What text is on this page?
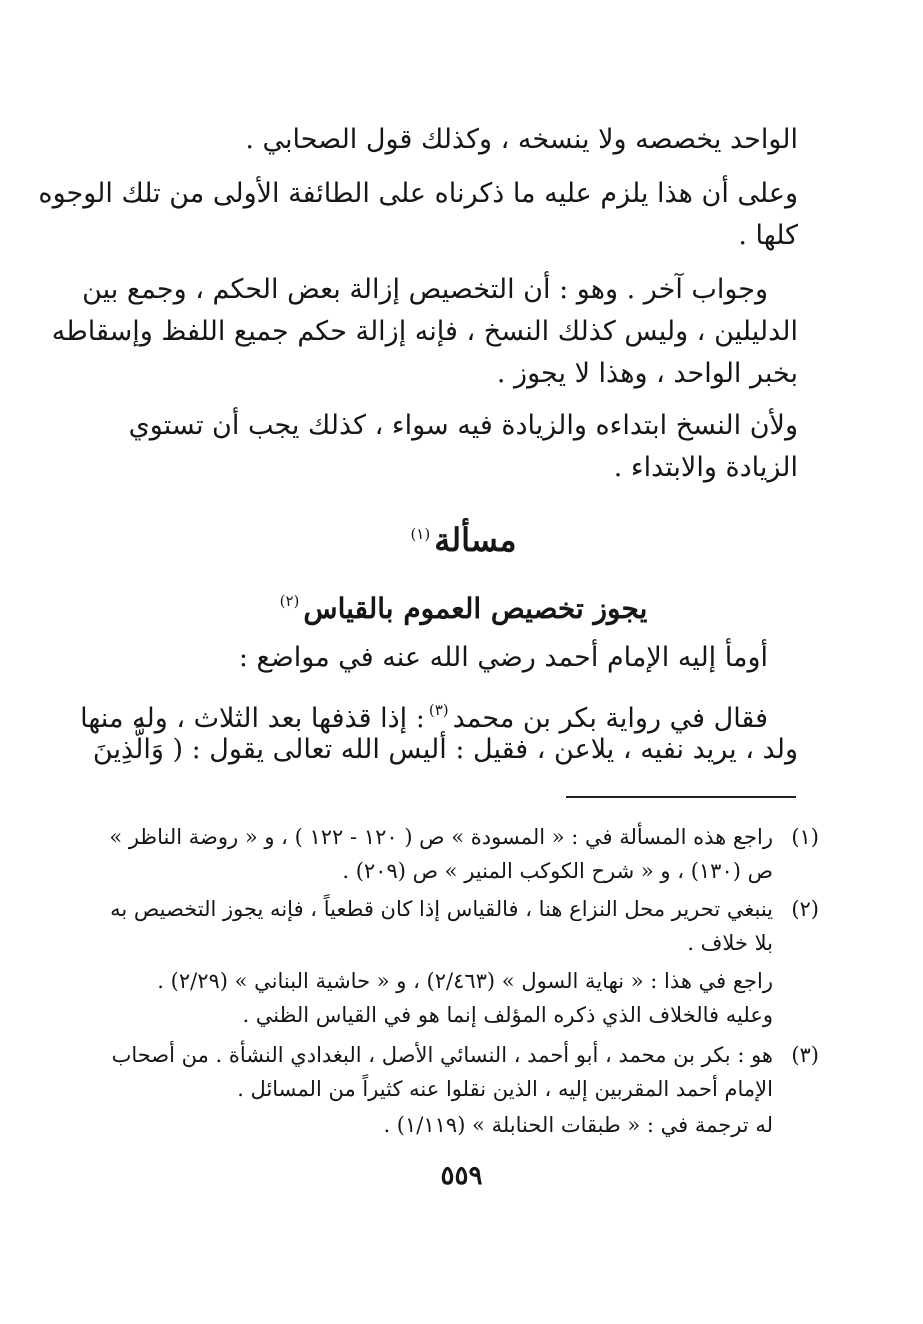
الواحد يخصصه ولا ينسخه ، وكذلك قول الصحابي .
وعلى أن هذا يلزم عليه ما ذكرناه على الطائفة الأولى من تلك الوجوه
كلها .
وجواب آخر . وهو : أن التخصيص إزالة بعض الحكم ، وجمع بين
الدليلين ، وليس كذلك النسخ ، فإنه إزالة حكم جميع اللفظ وإسقاطه
بخبر الواحد ، وهذا لا يجوز .
ولأن النسخ ابتداءه والزيادة فيه سواء ، كذلك يجب أن تستوي
الزيادة والابتداء .
مسألة$^{(١)}$
يجوز تخصيص العموم بالقياس$^{(٢)}$
أومأ إليه الإمام أحمد رضي الله عنه في مواضع :
فقال في رواية بكر بن محمد$^{(٣)}$: إذا قذفها بعد الثلاث ، وله منها
ولد ، يريد نفيه ، يلاعن ، فقيل : أليس الله تعالى يقول : ( وَالَّذِينَ
(١)
راجع هذه المسألة في : « المسودة » ص ( ١٢٠ - ١٢٢ ) ، و « روضة الناظر »
ص (١٣٠) ، و « شرح الكوكب المنير » ص (٢٠٩) .
(٢)
ينبغي تحرير محل النزاع هنا ، فالقياس إذا كان قطعياً ، فإنه يجوز التخصيص به
بلا خلاف .
راجع في هذا : « نهاية السول » (٢/٤٦٣) ، و « حاشية البناني » (٢/٢٩) .
وعليه فالخلاف الذي ذكره المؤلف إنما هو في القياس الظني .
(٣)
هو : بكر بن محمد ، أبو أحمد ، النسائي الأصل ، البغدادي النشأة . من أصحاب
الإمام أحمد المقربين إليه ، الذين نقلوا عنه كثيراً من المسائل .
له ترجمة في : « طبقات الحنابلة » (١/١١٩) .
٥٥٩
